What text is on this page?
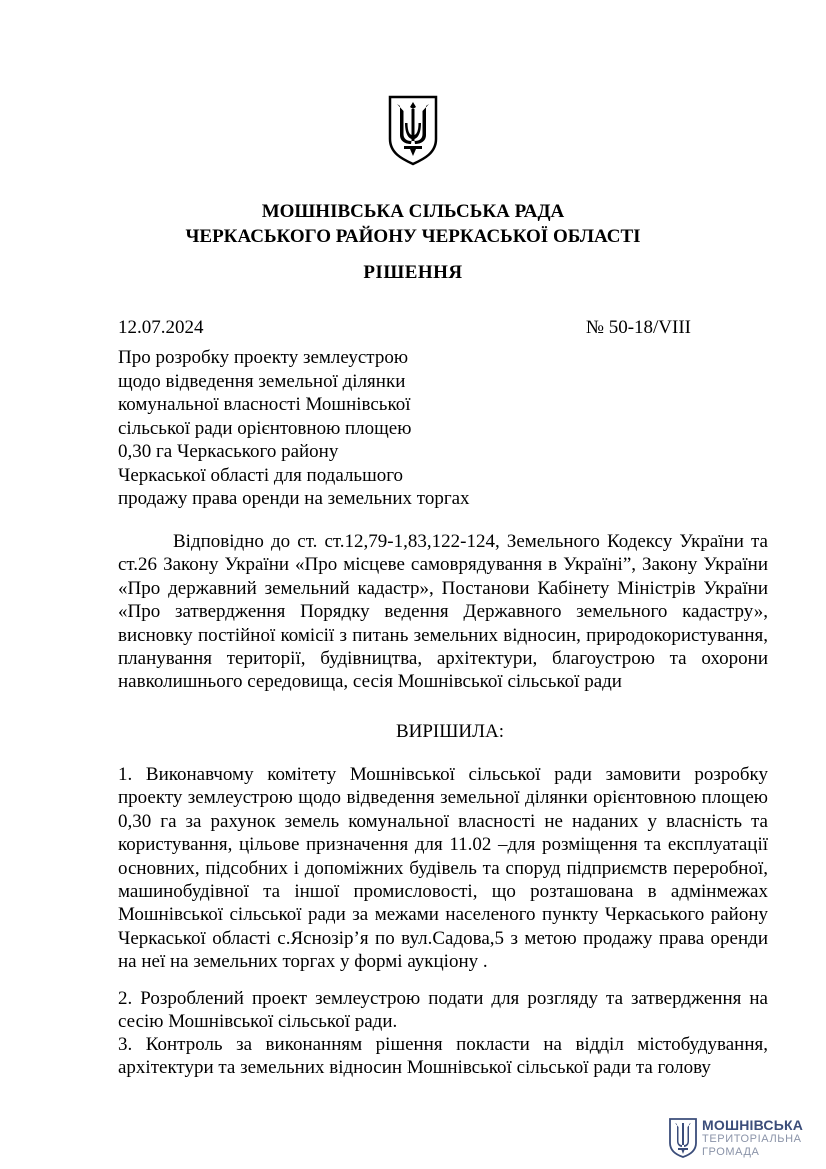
МОШНІВСЬКА СІЛЬСЬКА РАДА
ЧЕРКАСЬКОГО РАЙОНУ ЧЕРКАСЬКОЇ ОБЛАСТІ
РІШЕННЯ
12.07.2024	№ 50-18/VIII
Про розробку проекту землеустрою
щодо відведення земельної ділянки
комунальної власності Мошнівської
сільської ради орієнтовною площею
0,30 га Черкаського району
Черкаської області для подальшого
продажу права оренди на земельних торгах
Відповідно до ст. ст.12,79-1,83,122-124, Земельного Кодексу України та ст.26 Закону України «Про місцеве самоврядування в Україні”, Закону України «Про державний земельний кадастр», Постанови Кабінету Міністрів України «Про затвердження Порядку ведення Державного земельного кадастру», висновку постійної комісії з питань земельних відносин, природокористування, планування території, будівництва, архітектури, благоустрою та охорони навколишнього середовища, сесія Мошнівської сільської ради
ВИРІШИЛА:
1. Виконавчому комітету Мошнівської сільської ради замовити розробку проекту землеустрою щодо відведення земельної ділянки орієнтовною площею 0,30 га за рахунок земель комунальної власності не наданих у власність та користування, цільове призначення для 11.02 –для розміщення та експлуатації основних, підсобних і допоміжних будівель та споруд підприємств переробної, машинобудівної та іншої промисловості, що розташована в адмінмежах Мошнівської сільської ради за межами населеного пункту Черкаського району Черкаської області с.Яснозір’я по вул.Садова,5 з метою продажу права оренди на неї на земельних торгах у формі аукціону .
2. Розроблений проект землеустрою подати для розгляду та затвердження на сесію Мошнівської сільської ради.
3. Контроль за виконанням рішення покласти на відділ містобудування, архітектури та земельних відносин Мошнівської сільської ради та голову
МОШНІВСЬКА
ТЕРИТОРІАЛЬНА
ГРОМАДА
